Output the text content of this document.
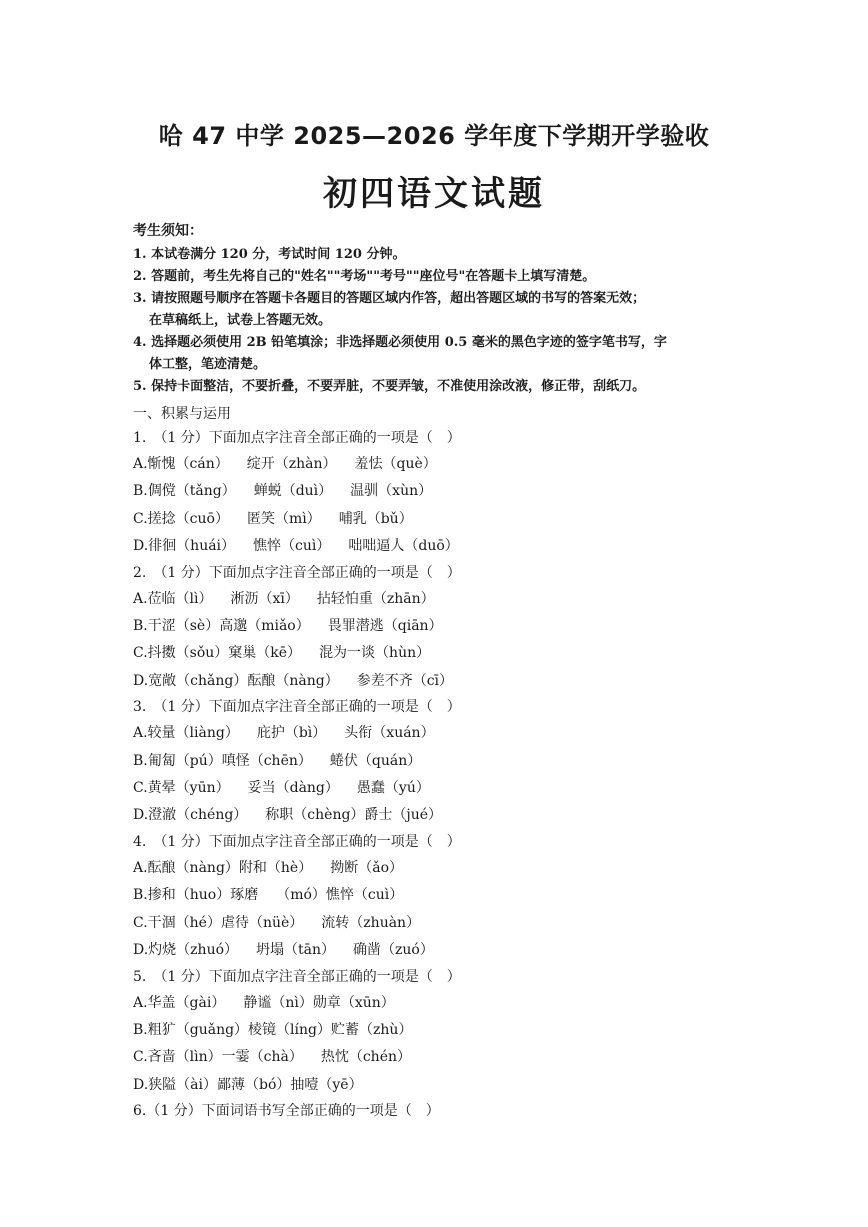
哈 47 中学 2025—2026 学年度下学期开学验收
初四语文试题
考生须知：
1. 本试卷满分 120 分，考试时间 120 分钟。
2. 答题前，考生先将自己的"姓名""考场""考号""座位号"在答题卡上填写清楚。
3. 请按照题号顺序在答题卡各题目的答题区域内作答，超出答题区域的书写的答案无效；
在草稿纸上，试卷上答题无效。
4. 选择题必须使用 2B 铅笔填涂；非选择题必须使用 0.5 毫米的黑色字迹的签字笔书写，字
体工整，笔迹清楚。
5. 保持卡面整洁，不要折叠，不要弄脏，不要弄皱，不准使用涂改液，修正带，刮纸刀。
一、积累与运用
1.　（1 分）下面加点字注音全部正确的一项是（　）
A.惭愧（cán） 绽开（zhàn） 羞怯（què）
B.倜傥（tǎng） 蝉蜕（duì） 温驯（xùn）
C.搓捻（cuō） 匿笑（mì） 哺乳（bǔ）
D.徘徊（huái） 憔悴（cuì） 咄咄逼人（duō）
2.　（1 分）下面加点字注音全部正确的一项是（　）
A.莅临（lì） 淅沥（xī） 拈轻怕重（zhān）
B.干涩（sè）高邈（miǎo） 畏罪潜逃（qiān）
C.抖擞（sǒu）窠巢（kē） 混为一谈（hùn）
D.宽敞（chǎng）酝酿（nàng） 参差不齐（cī）
3.　（1 分）下面加点字注音全部正确的一项是（　）
A.较量（liàng） 庇护（bì） 头衔（xuán）
B.匍匐（pú）嗔怪（chēn） 蜷伏（quán）
C.黄晕（yūn） 妥当（dàng） 愚蠢（yú）
D.澄澈（chéng） 称职（chèng）爵士（jué）
4.　（1 分）下面加点字注音全部正确的一项是（　）
A.酝酿（nàng）附和（hè） 拗断（ǎo）
B.掺和（huo）琢磨 （mó）憔悴（cuì）
C.干涸（hé）虐待（nüè） 流转（zhuàn）
D.灼烧（zhuó） 坍塌（tān） 确凿（zuó）
5.　（1 分）下面加点字注音全部正确的一项是（　）
A.华盖（gài） 静谧（nì）勋章（xūn）
B.粗犷（guǎng）棱镜（líng）贮蓄（zhù）
C.吝啬（lìn）一霎（chà） 热忱（chén）
D.狭隘（ài）鄙薄（bó）抽噎（yē）
6.（1 分）下面词语书写全部正确的一项是（　）
